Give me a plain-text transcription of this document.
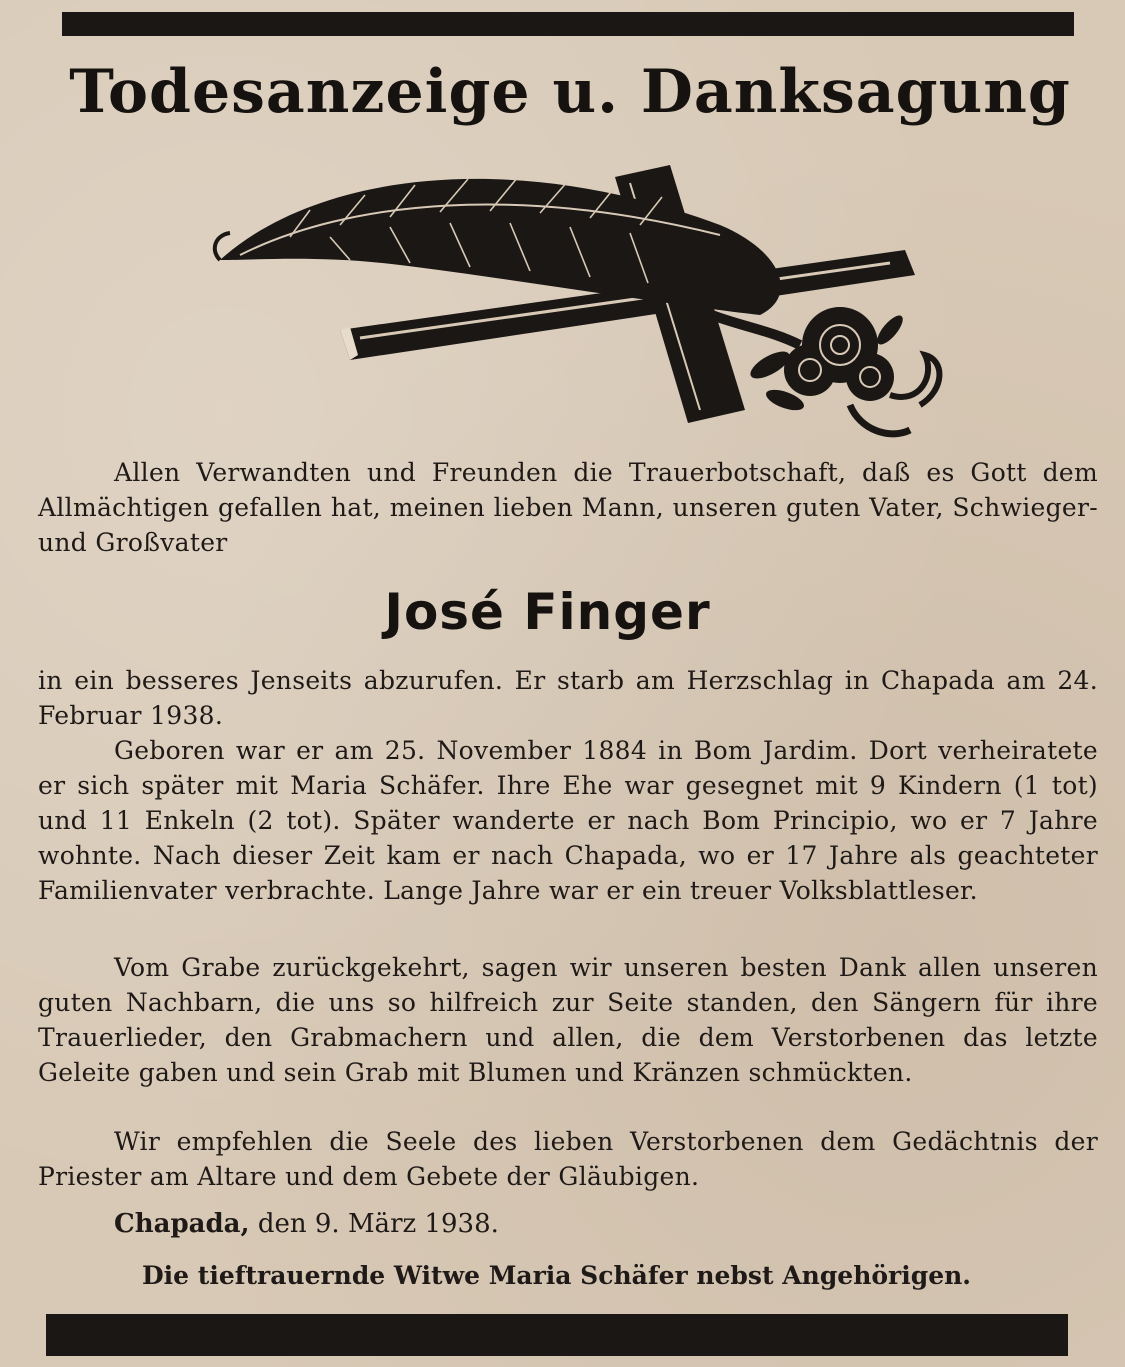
Todesanzeige u. Danksagung
Allen Verwandten und Freunden die Trauerbotschaft, daß es Gott dem Allmächtigen gefallen hat, meinen lieben Mann, unseren guten Vater, Schwieger- und Großvater
José Finger
in ein besseres Jenseits abzurufen. Er starb am Herzschlag in Chapada am 24. Februar 1938.
Geboren war er am 25. November 1884 in Bom Jardim. Dort verheiratete er sich später mit Maria Schäfer. Ihre Ehe war gesegnet mit 9 Kindern (1 tot) und 11 Enkeln (2 tot). Später wanderte er nach Bom Principio, wo er 7 Jahre wohnte. Nach dieser Zeit kam er nach Chapada, wo er 17 Jahre als geachteter Familienvater verbrachte. Lange Jahre war er ein treuer Volksblattleser.
Vom Grabe zurückgekehrt, sagen wir unseren besten Dank allen unseren guten Nachbarn, die uns so hilfreich zur Seite standen, den Sängern für ihre Trauerlieder, den Grabmachern und allen, die dem Verstorbenen das letzte Geleite gaben und sein Grab mit Blumen und Kränzen schmückten.
Wir empfehlen die Seele des lieben Verstorbenen dem Gedächtnis der Priester am Altare und dem Gebete der Gläubigen.
Chapada, den 9. März 1938.
Die tieftrauernde Witwe Maria Schäfer nebst Angehörigen.
